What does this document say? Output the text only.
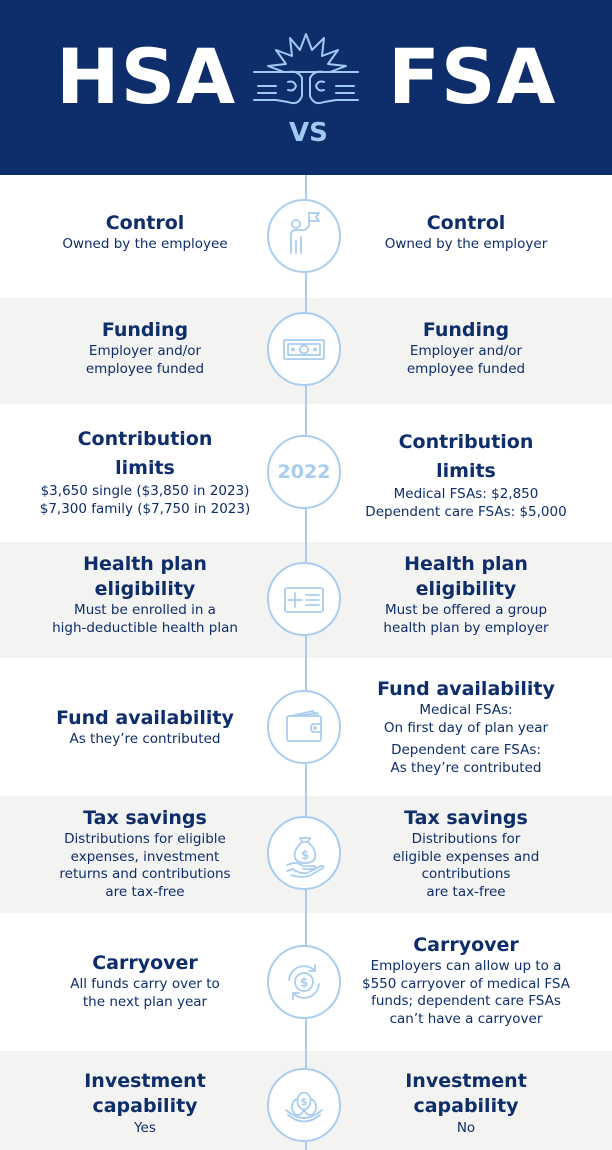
HSA FSA
VS
Control
Owned by the employee
Control
Owned by the employer
Funding
Employer and/or
employee funded
Funding
Employer and/or
employee funded
Contribution
limits
$3,650 single ($3,850 in 2023)
$7,300 family ($7,750 in 2023)
Contribution
limits
Medical FSAs: $2,850
Dependent care FSAs: $5,000
2022
Health plan
eligibility
Must be enrolled in a
high-deductible health plan
Health plan
eligibility
Must be offered a group
health plan by employer
Fund availability
As they’re contributed
Fund availability
Medical FSAs:
On first day of plan year
Dependent care FSAs:
As they’re contributed
Tax savings
Distributions for eligible
expenses, investment
returns and contributions
are tax-free
Tax savings
Distributions for
eligible expenses and
contributions
are tax-free
$
Carryover
All funds carry over to
the next plan year
Carryover
Employers can allow up to a
$550 carryover of medical FSA
funds; dependent care FSAs
can’t have a carryover
$
Investment
capability
Yes
Investment
capability
No
$
